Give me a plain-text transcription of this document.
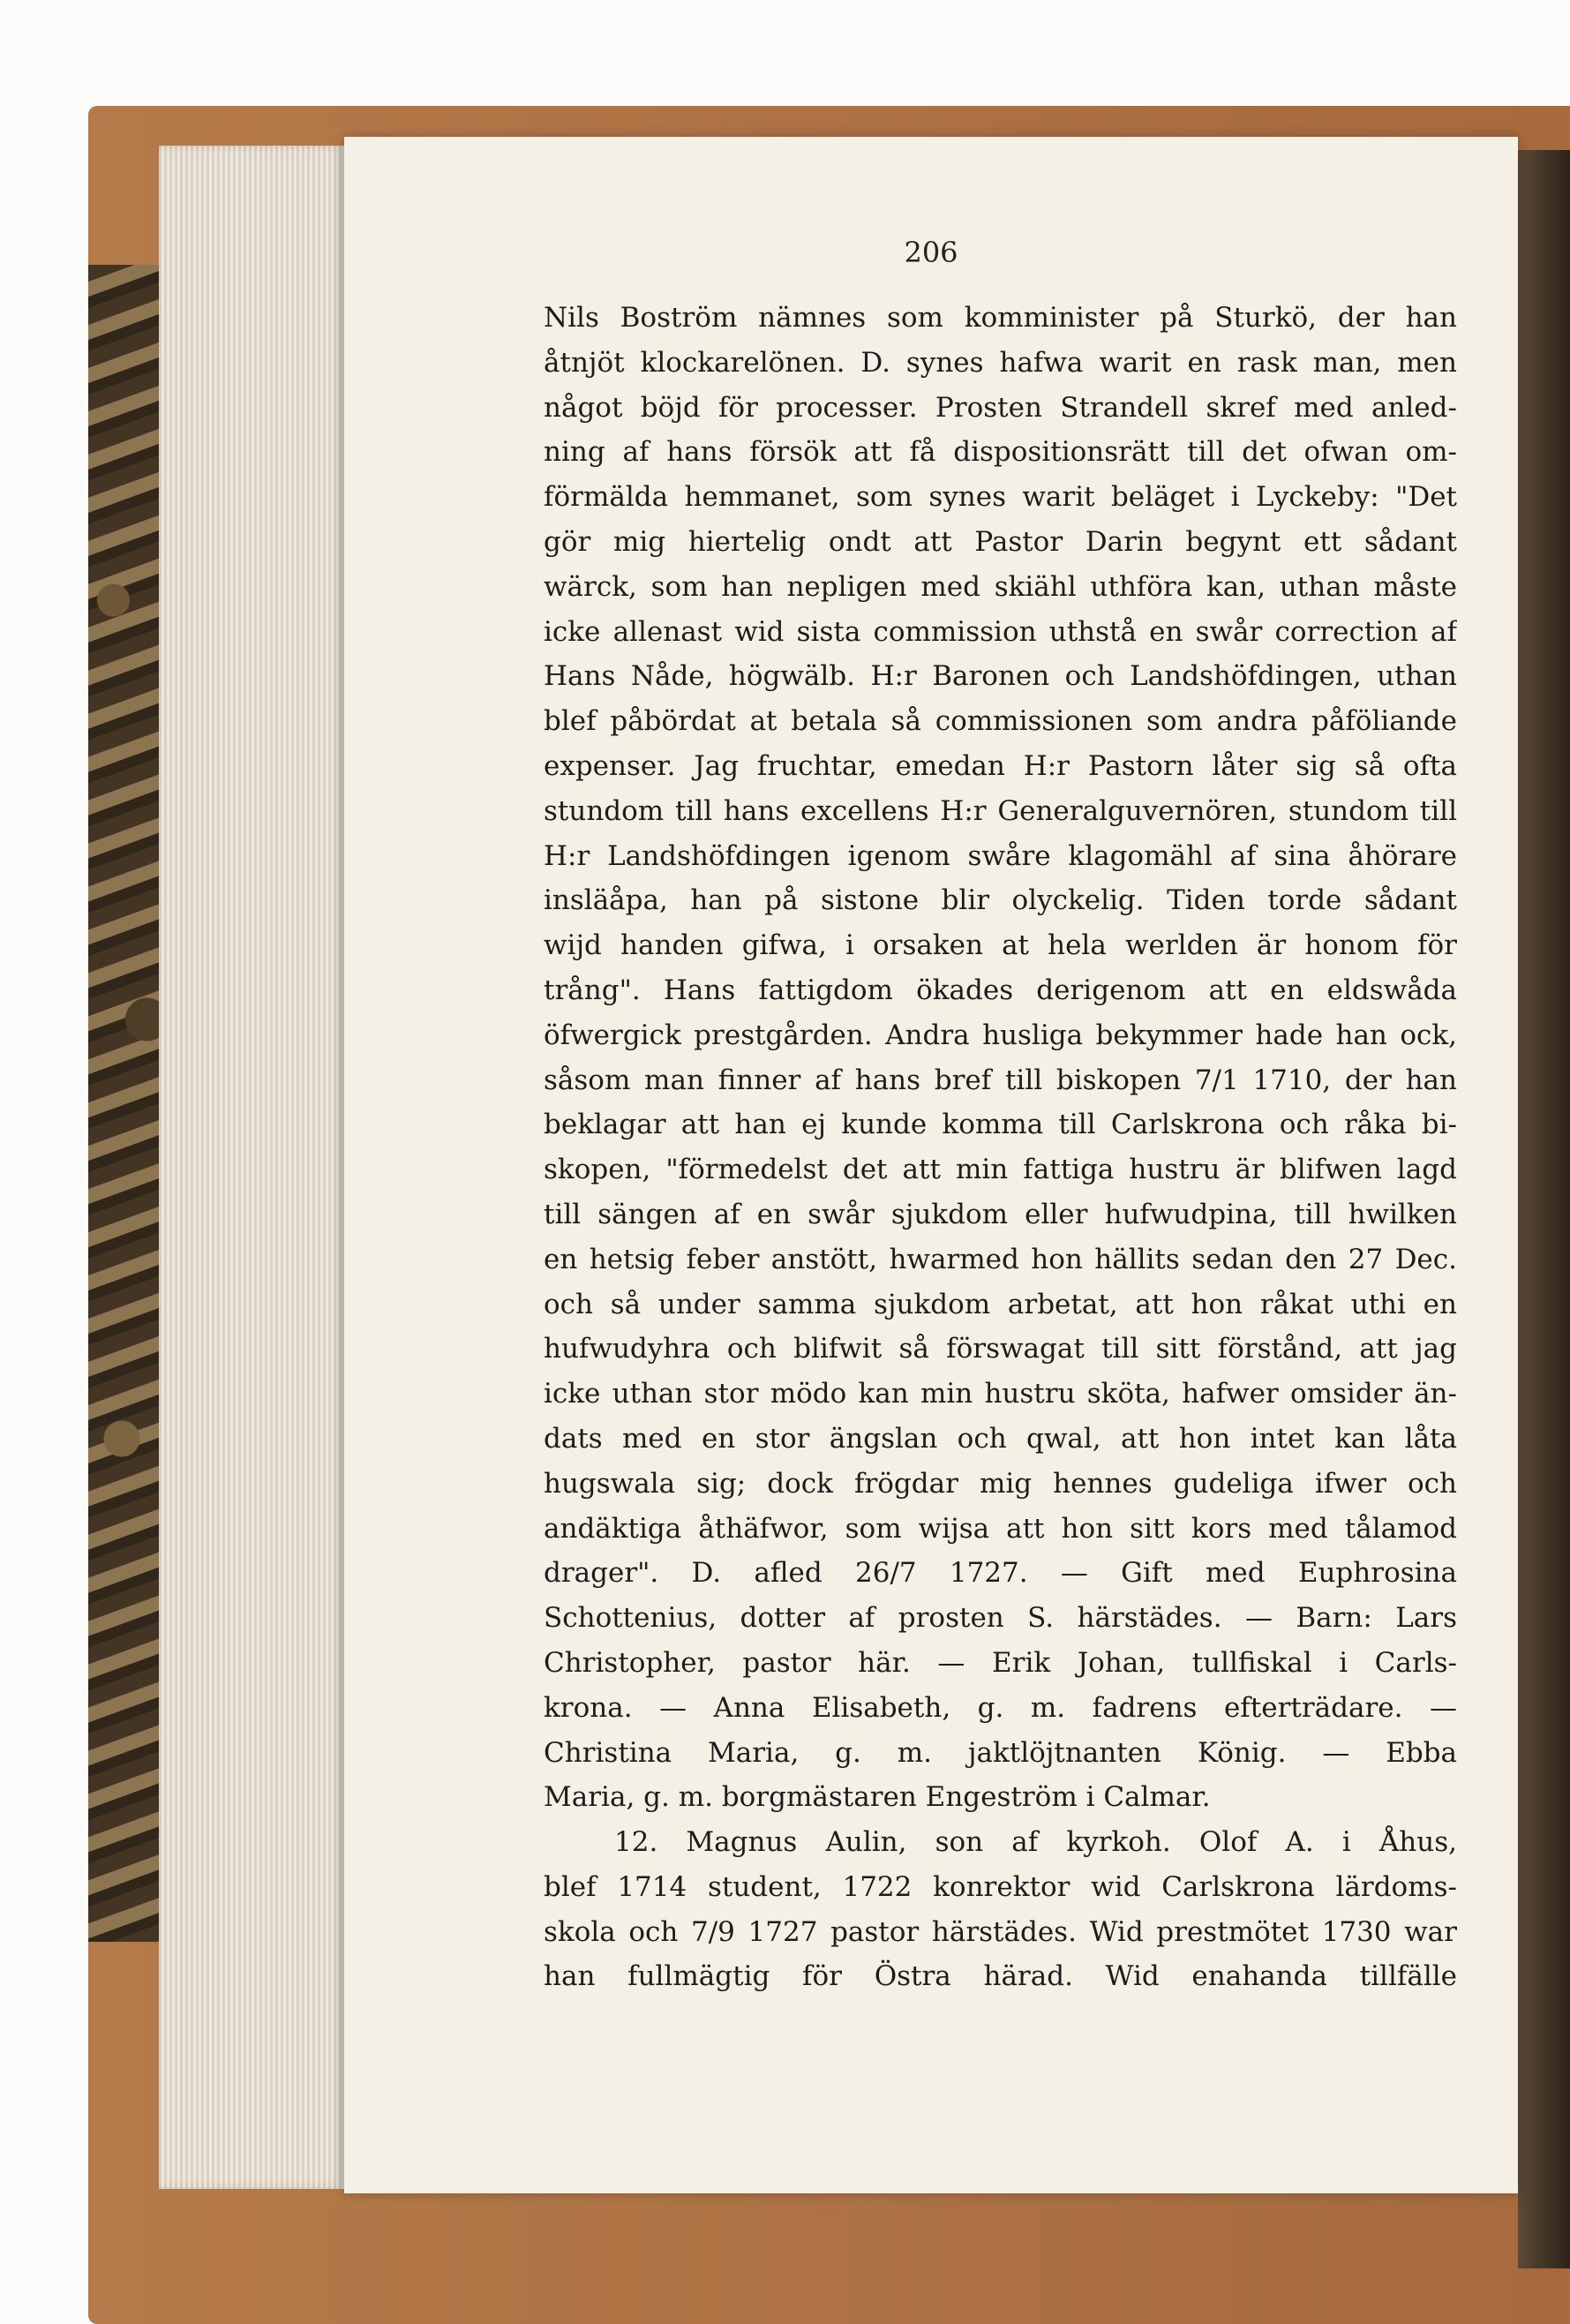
206
Nils Boström nämnes som komminister på Sturkö, der han
åtnjöt klockarelönen. D. synes hafwa warit en rask man, men
något böjd för processer. Prosten Strandell skref med anled-
ning af hans försök att få dispositionsrätt till det ofwan om-
förmälda hemmanet, som synes warit beläget i Lyckeby: "Det
gör mig hiertelig ondt att Pastor Darin begynt ett sådant
wärck, som han nepligen med skiähl uthföra kan, uthan måste
icke allenast wid sista commission uthstå en swår correction af
Hans Nåde, högwälb. H:r Baronen och Landshöfdingen, uthan
blef påbördat at betala så commissionen som andra påföliande
expenser. Jag fruchtar, emedan H:r Pastorn låter sig så ofta
stundom till hans excellens H:r Generalguvernören, stundom till
H:r Landshöfdingen igenom swåre klagomähl af sina åhörare
insläåpa, han på sistone blir olyckelig. Tiden torde sådant
wijd handen gifwa, i orsaken at hela werlden är honom för
trång". Hans fattigdom ökades derigenom att en eldswåda
öfwergick prestgården. Andra husliga bekymmer hade han ock,
såsom man finner af hans bref till biskopen 7/1 1710, der han
beklagar att han ej kunde komma till Carlskrona och råka bi-
skopen, "förmedelst det att min fattiga hustru är blifwen lagd
till sängen af en swår sjukdom eller hufwudpina, till hwilken
en hetsig feber anstött, hwarmed hon hällits sedan den 27 Dec.
och så under samma sjukdom arbetat, att hon råkat uthi en
hufwudyhra och blifwit så förswagat till sitt förstånd, att jag
icke uthan stor mödo kan min hustru sköta, hafwer omsider än-
dats med en stor ängslan och qwal, att hon intet kan låta
hugswala sig; dock frögdar mig hennes gudeliga ifwer och
andäktiga åthäfwor, som wijsa att hon sitt kors med tålamod
drager". D. afled 26/7 1727. — Gift med Euphrosina
Schottenius, dotter af prosten S. härstädes. — Barn: Lars
Christopher, pastor här. — Erik Johan, tullfiskal i Carls-
krona. — Anna Elisabeth, g. m. fadrens efterträdare. —
Christina Maria, g. m. jaktlöjtnanten König. — Ebba
Maria, g. m. borgmästaren Engeström i Calmar.
12. Magnus Aulin, son af kyrkoh. Olof A. i Åhus,
blef 1714 student, 1722 konrektor wid Carlskrona lärdoms-
skola och 7/9 1727 pastor härstädes. Wid prestmötet 1730 war
han fullmägtig för Östra härad. Wid enahanda tillfälle
